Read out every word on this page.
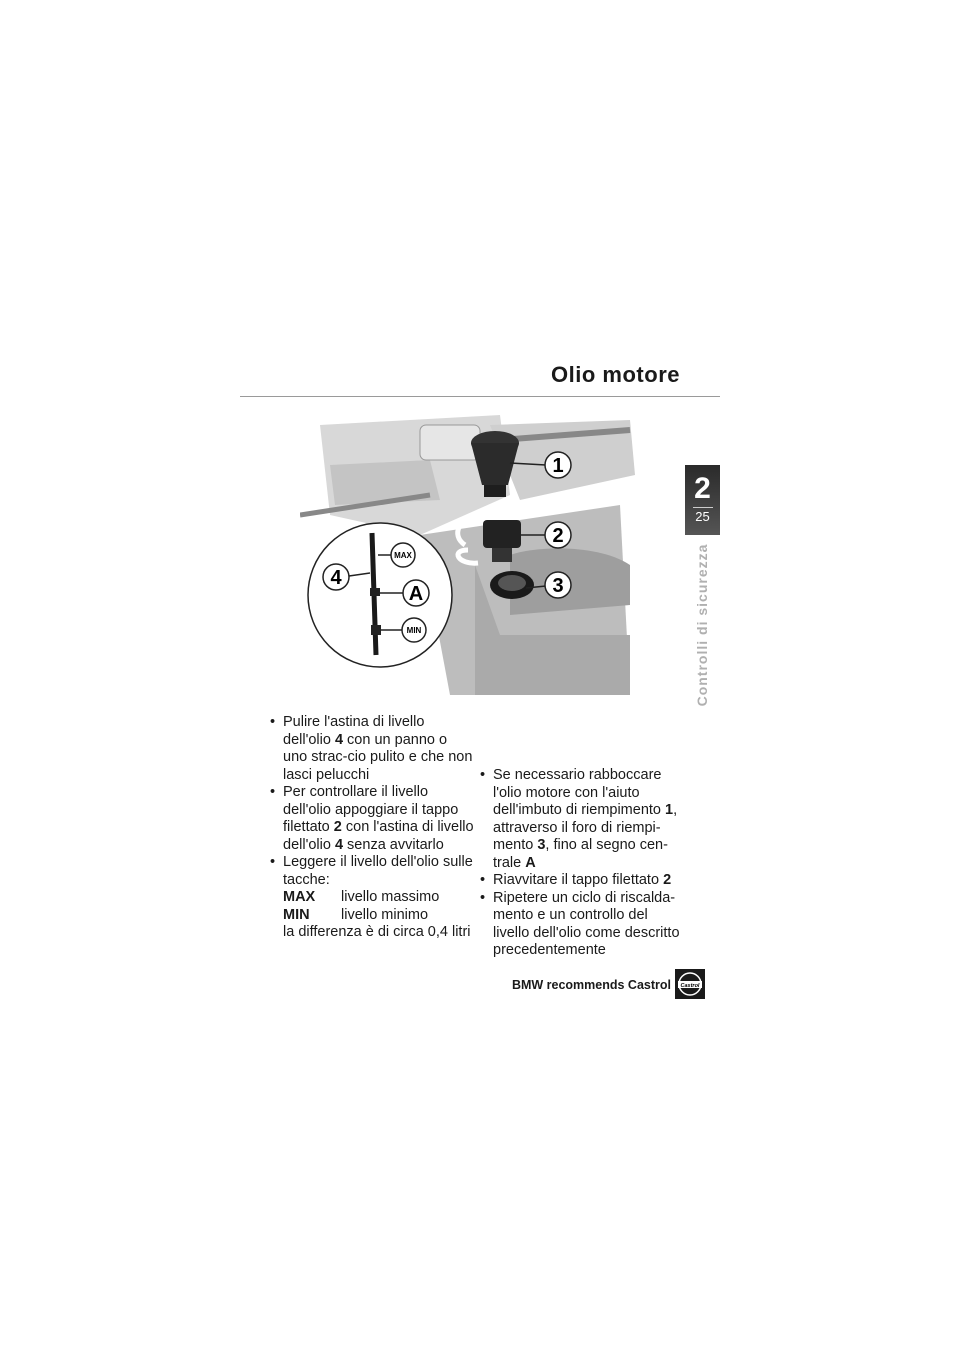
Olio motore
2
25
Controlli di sicurezza
1
2
3
4
A
MAX
MIN
• Pulire l'astina di livello dell'olio 4 con un panno o uno strac-cio pulito e che non lasci pelucchi
• Per controllare il livello dell'olio appoggiare il tappo filettato 2 con l'astina di livello dell'olio 4 senza avvitarlo
• Leggere il livello dell'olio sulle tacche:
MAX	livello massimo
MIN	livello minimo
la differenza è di circa 0,4 litri
• Se necessario rabboccare l'olio motore con l'aiuto dell'imbuto di riempimento 1, attraverso il foro di riempi-mento 3, fino al segno cen-trale A
• Riavvitare il tappo filettato 2
• Ripetere un ciclo di riscalda-mento e un controllo del livello dell'olio come descritto precedentemente
BMW recommends Castrol Castrol
